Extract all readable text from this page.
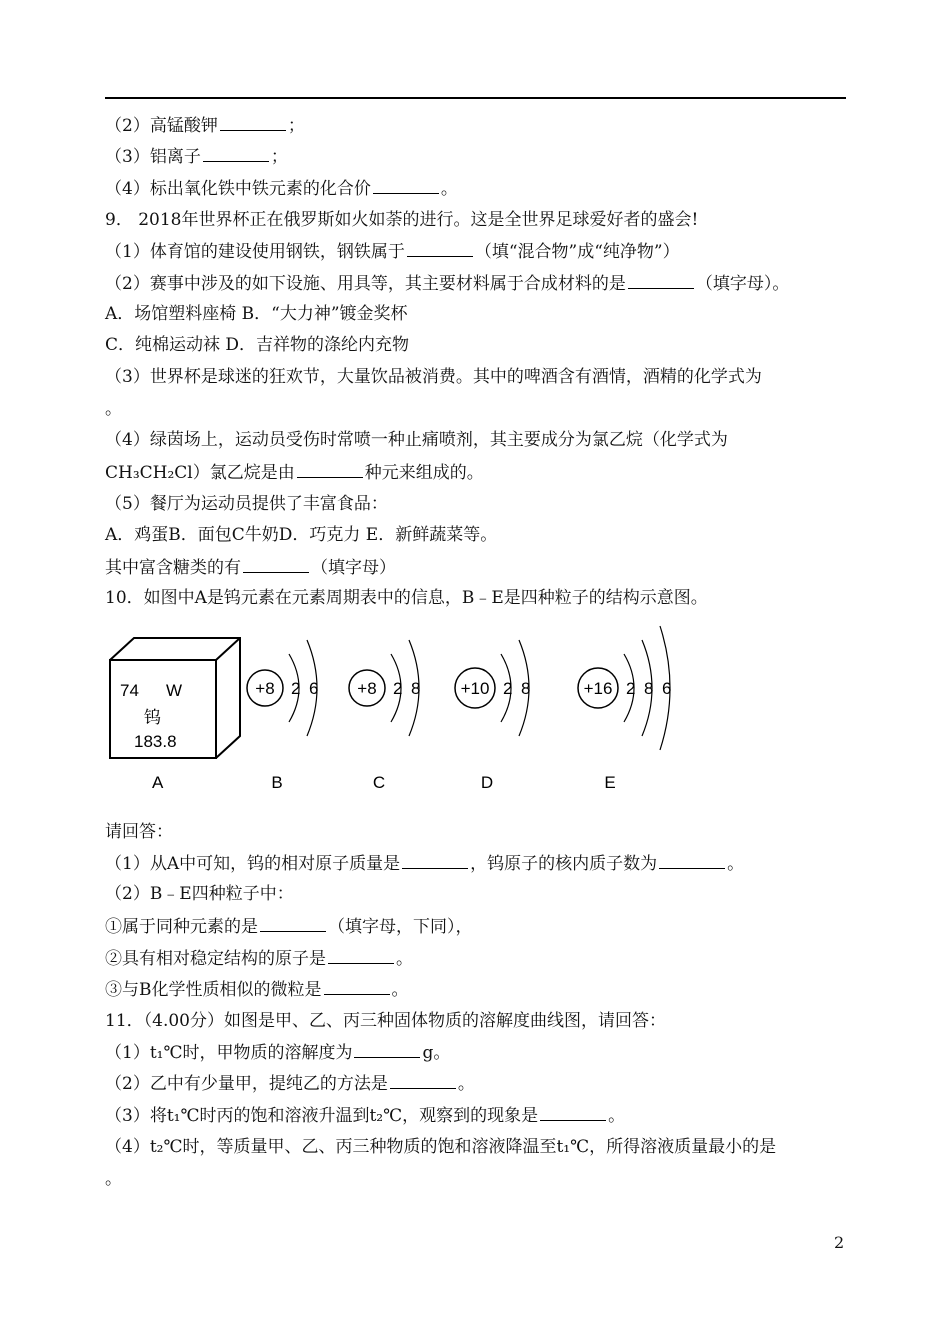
（2）高锰酸钾	；
（3）铝离子	；
（4）标出氧化铁中铁元素的化合价	。
9． 2018年世界杯正在俄罗斯如火如荼的进行。这是全世界足球爱好者的盛会!
（1）体育馆的建设使用钢铁，钢铁属于	（填“混合物”成“纯净物”）
（2）赛事中涉及的如下设施、用具等，其主要材料属于合成材料的是	（填字母）。
A．场馆塑料座椅 B．“大力神”镀金奖杯
C．纯棉运动袜 D．吉祥物的涤纶内充物
（3）世界杯是球迷的狂欢节，大量饮品被消费。其中的啤酒含有酒情，酒精的化学式为
。
（4）绿茵场上，运动员受伤时常喷一种止痛喷剂，其主要成分为氯乙烷（化学式为
CH₃CH₂Cl）氯乙烷是由	种元来组成的。
（5）餐厅为运动员提供了丰富食品：
A．鸡蛋B．面包C牛奶D．巧克力 E．新鲜蔬菜等。
其中富含糖类的有	（填字母）
10．如图中A是钨元素在元素周期表中的信息，B﹣E是四种粒子的结构示意图。
请回答：
（1）从A中可知，钨的相对原子质量是	，钨原子的核内质子数为	。
（2）B﹣E四种粒子中：
①属于同种元素的是	（填字母，下同），
②具有相对稳定结构的原子是	。
③与B化学性质相似的微粒是	。
11．（4.00分）如图是甲、乙、丙三种固体物质的溶解度曲线图，请回答：
（1）t₁℃时，甲物质的溶解度为	g。
（2）乙中有少量甲，提纯乙的方法是	。
（3）将t₁℃时丙的饱和溶液升温到t₂℃，观察到的现象是	。
（4）t₂℃时，等质量甲、乙、丙三种物质的饱和溶液降温至t₁℃，所得溶液质量最小的是
。
74 W
钨
183.8
A
+8 2 6
B
+8 2 8
C
+10 2 8
D
+16 2 8 6
E
2
